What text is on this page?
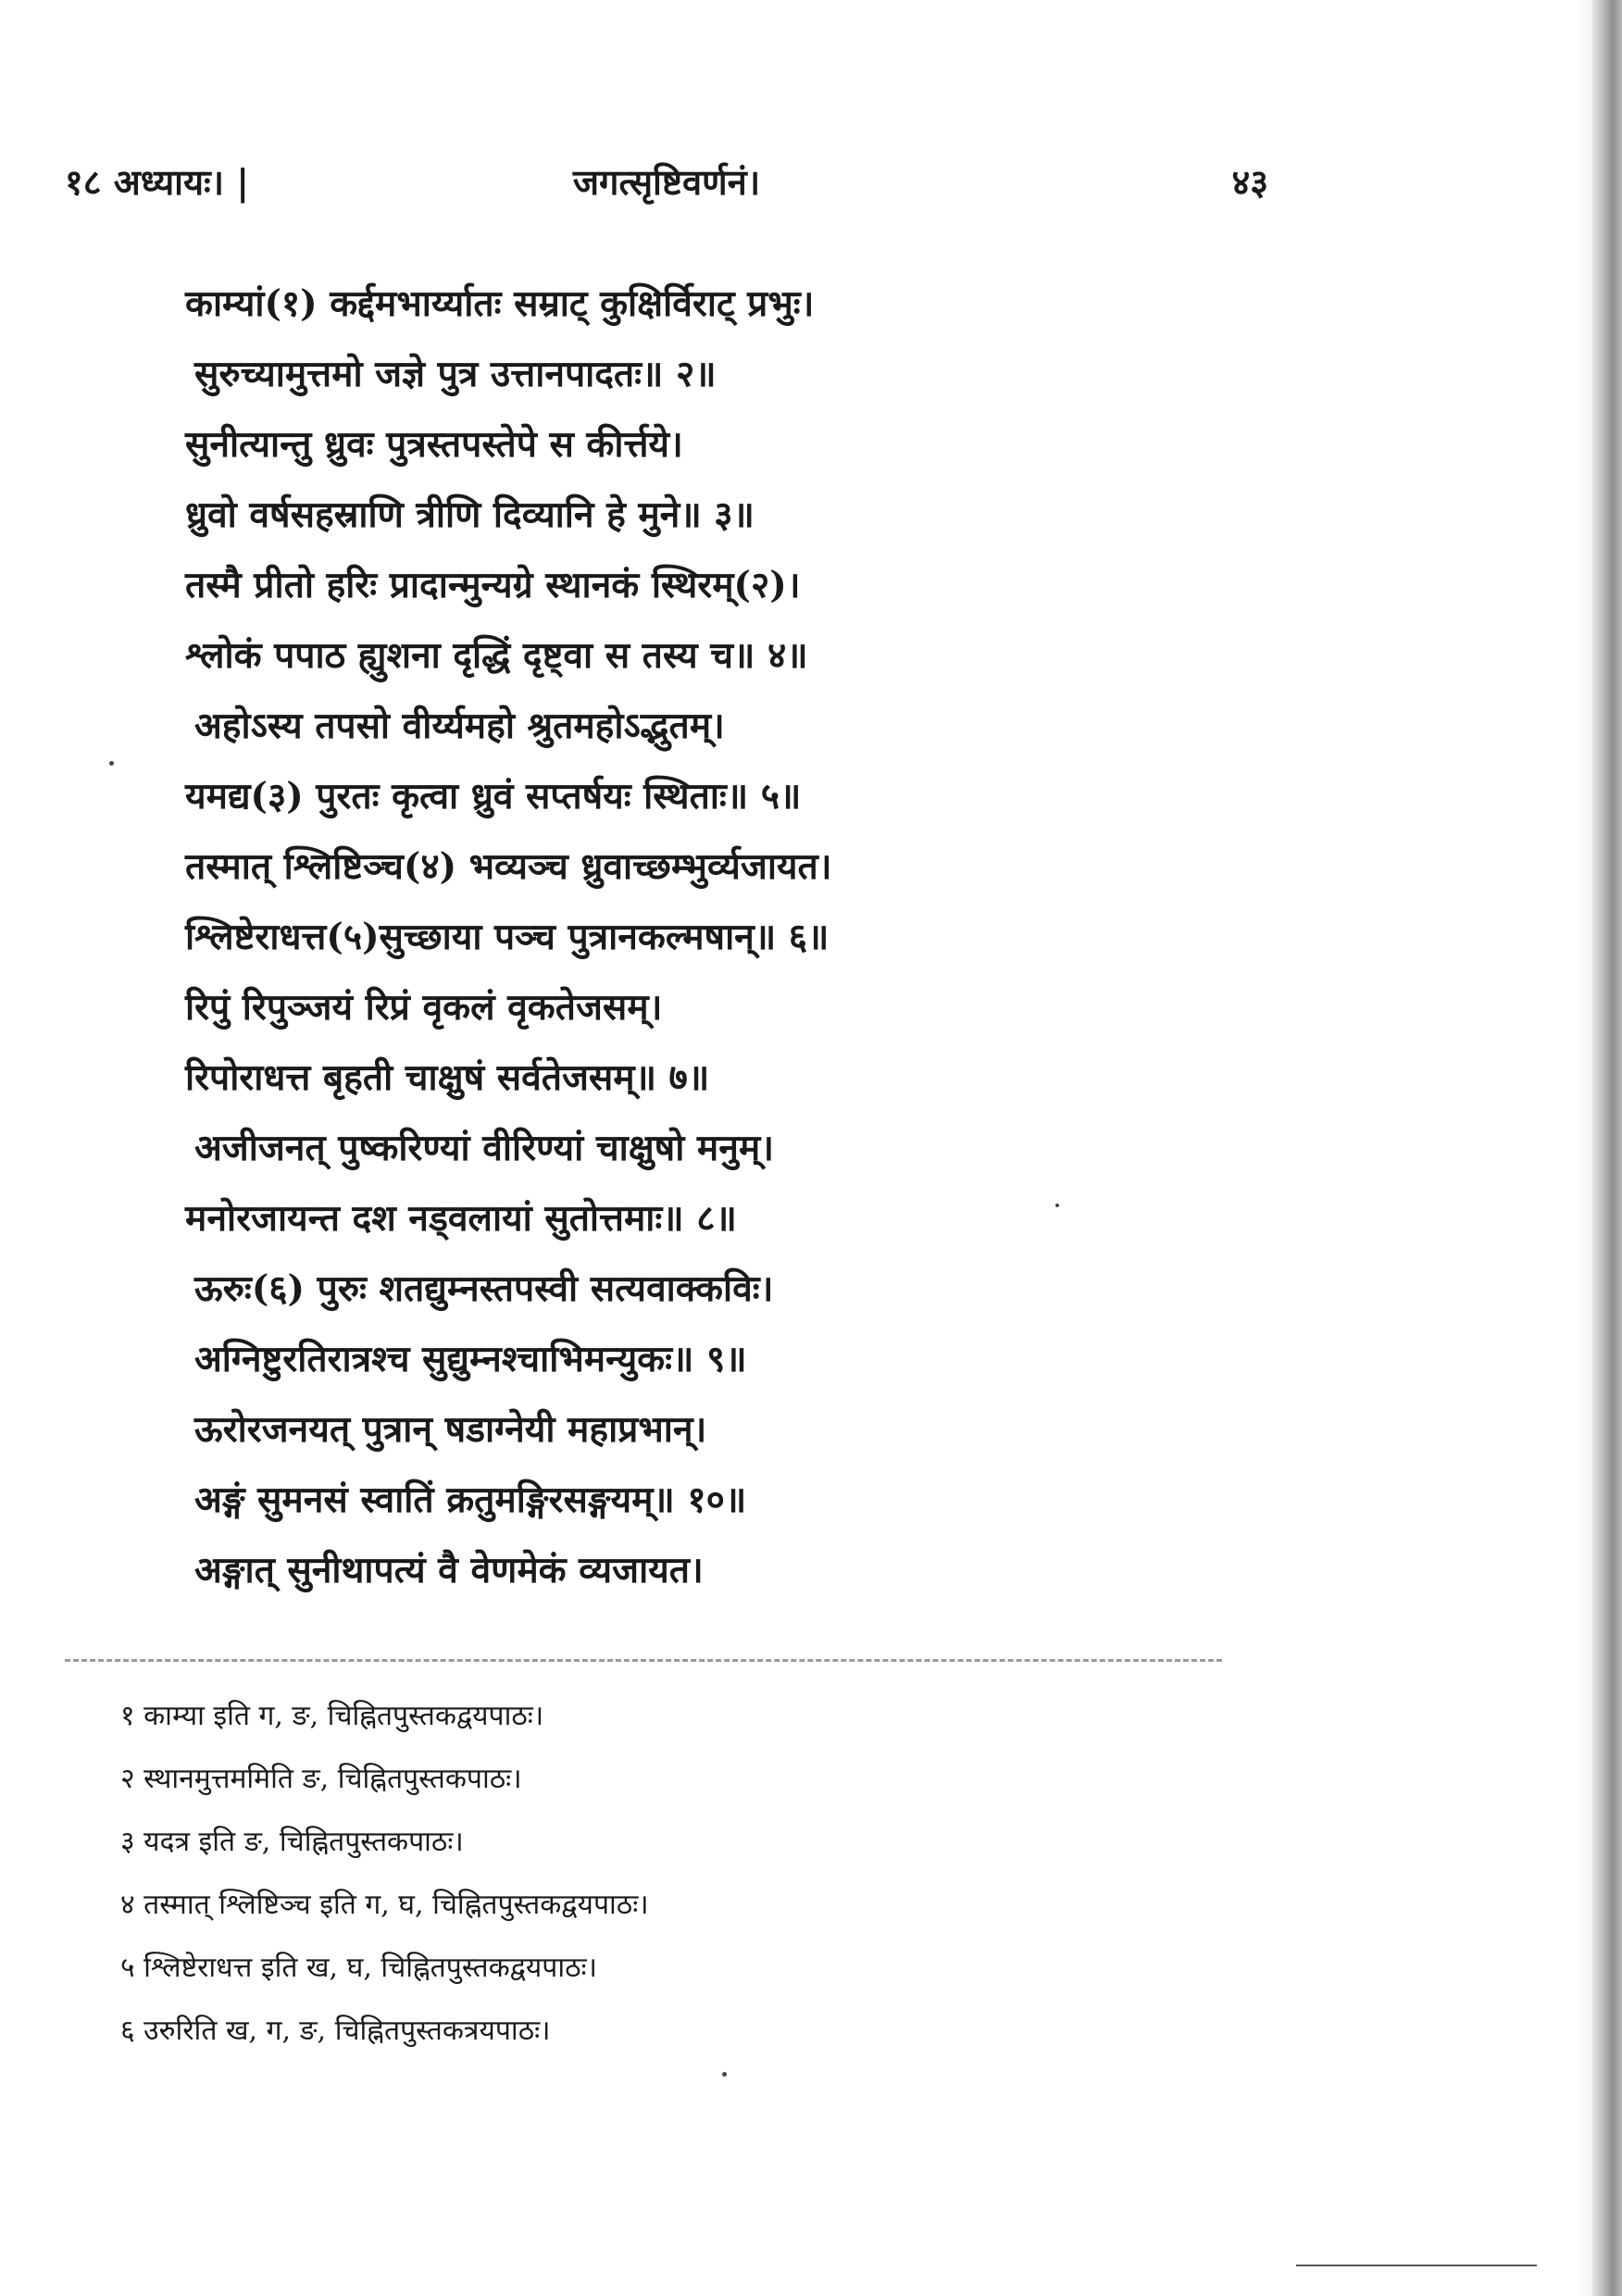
१८ अध्यायः। |	जगत्सृष्टिवर्णनं।	४३
काम्यां(१) कर्द्दमभार्य्यातः सम्राट् कुक्षिर्विराट् प्रभुः।
सुरुच्यामुत्तमो जज्ञे पुत्र उत्तानपादतः॥ २॥
सुनीत्यान्तु ध्रुवः पुत्रस्तपस्तेपे स कीर्त्तये।
ध्रुवो वर्षसहस्राणि त्रीणि दिव्यानि हे मुने॥ ३॥
तस्मै प्रीतो हरिः प्रादान्मुन्यग्रे स्थानकं स्थिरम्(२)।
श्लोकं पपाठ ह्युशना दृद्धिं दृष्ट्वा स तस्य च॥ ४॥
अहोऽस्य तपसो वीर्य्यमहो श्रुतमहोऽद्भुतम्।
यमद्य(३) पुरतः कृत्वा ध्रुवं सप्तर्षयः स्थिताः॥ ५॥
तस्मात् श्लिष्टिञ्च(४) भव्यञ्च ध्रुवाच्छम्भुर्व्यजायत।
श्लिष्टेराधत्त(५)सुच्छाया पञ्च पुत्रानकल्मषान्॥ ६॥
रिपुं रिपुञ्जयं रिप्रं वृकलं वृकतेजसम्।
रिपोराधत्त बृहती चाक्षुषं सर्वतेजसम्॥ ७॥
अजीजनत् पुष्करिण्यां वीरिण्यां चाक्षुषो मनुम्।
मनोरजायन्त दश नड्वलायां सुतोत्तमाः॥ ८॥
ऊरुः(६) पुरुः शतद्युम्नस्तपस्वी सत्यवाक्कविः।
अग्निष्टुरतिरात्रश्च सुद्युम्नश्चाभिमन्युकः॥ ९॥
ऊरोरजनयत् पुत्रान् षडाग्नेयी महाप्रभान्।
अङ्गं सुमनसं स्वातिं क्रतुमङ्गिरसङ्गयम्॥ १०॥
अङ्गात् सुनीथापत्यं वै वेणमेकं व्यजायत।
१ काम्या इति ग, ङ, चिह्नितपुस्तकद्वयपाठः।
२ स्थानमुत्तममिति ङ, चिह्नितपुस्तकपाठः।
३ यदत्र इति ङ, चिह्नितपुस्तकपाठः।
४ तस्मात् श्लिष्टिञ्च इति ग, घ, चिह्नितपुस्तकद्वयपाठः।
५ श्लिष्टेराधत्त इति ख, घ, चिह्नितपुस्तकद्वयपाठः।
६ उरुरिति ख, ग, ङ, चिह्नितपुस्तकत्रयपाठः।
